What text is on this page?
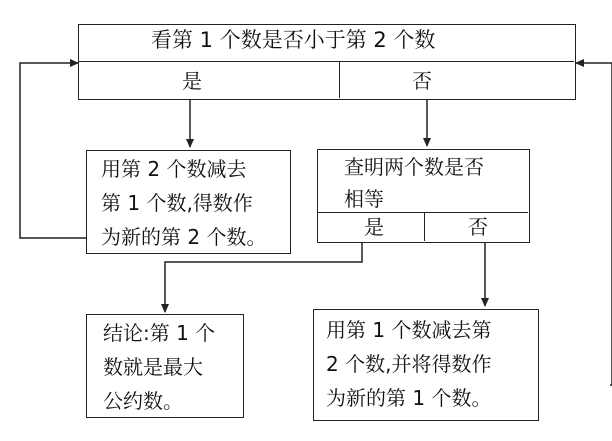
看第 1 个数是否小于第 2 个数
是	否
用第 2 个数减去
第 1 个数,得数作
为新的第 2 个数。
查明两个数是否
相等
是	否
结论:第 1 个
数就是最大
公约数。
用第 1 个数减去第
2 个数,并将得数作
为新的第 1 个数。
